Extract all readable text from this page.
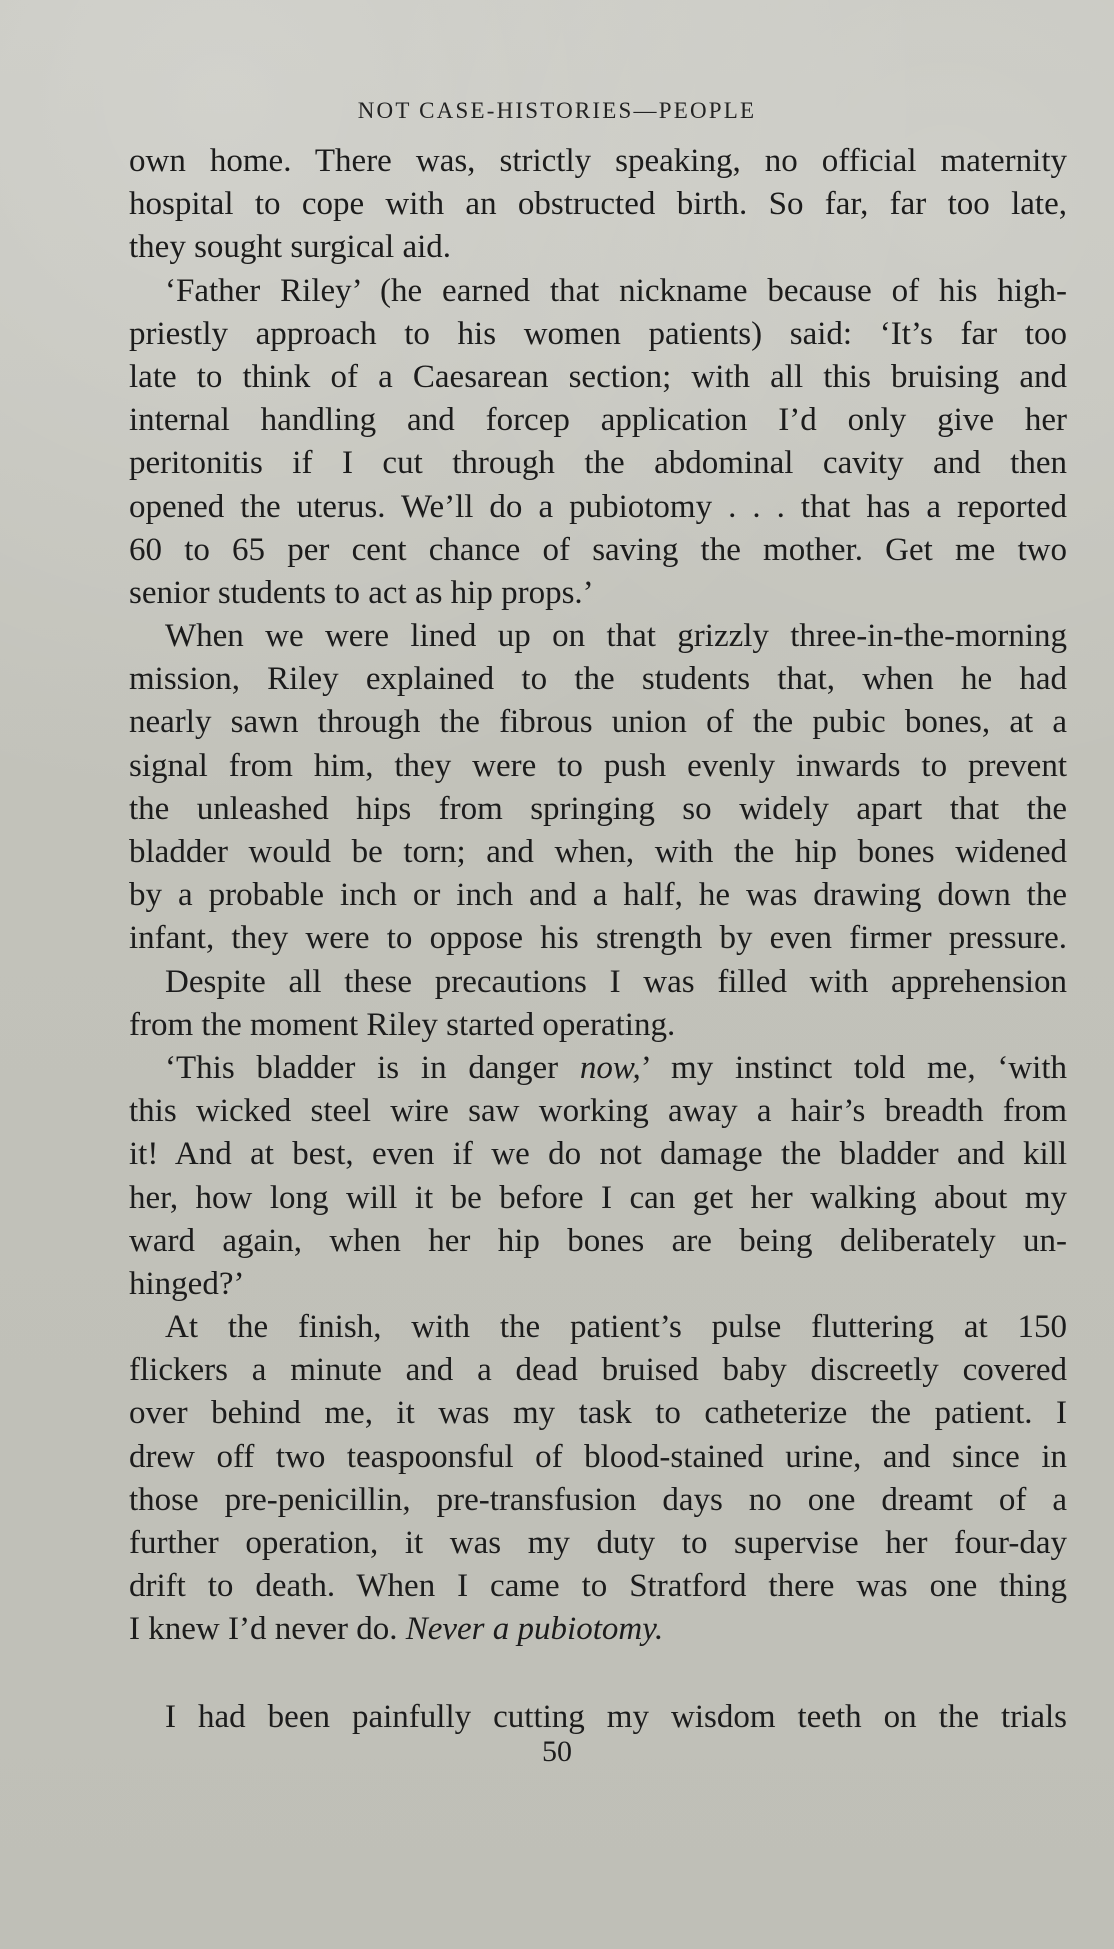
NOT CASE-HISTORIES—PEOPLE
own home. There was, strictly speaking, no official maternity
hospital to cope with an obstructed birth. So far, far too late,
they sought surgical aid.
‘Father Riley’ (he earned that nickname because of his high-
priestly approach to his women patients) said: ‘It’s far too
late to think of a Caesarean section; with all this bruising and
internal handling and forcep application I’d only give her
peritonitis if I cut through the abdominal cavity and then
opened the uterus. We’ll do a pubiotomy . . . that has a reported
60 to 65 per cent chance of saving the mother. Get me two
senior students to act as hip props.’
When we were lined up on that grizzly three-in-the-morning
mission, Riley explained to the students that, when he had
nearly sawn through the fibrous union of the pubic bones, at a
signal from him, they were to push evenly inwards to prevent
the unleashed hips from springing so widely apart that the
bladder would be torn; and when, with the hip bones widened
by a probable inch or inch and a half, he was drawing down the
infant, they were to oppose his strength by even firmer pressure.
Despite all these precautions I was filled with apprehension
from the moment Riley started operating.
‘This bladder is in danger now,’ my instinct told me, ‘with
this wicked steel wire saw working away a hair’s breadth from
it! And at best, even if we do not damage the bladder and kill
her, how long will it be before I can get her walking about my
ward again, when her hip bones are being deliberately un-
hinged?’
At the finish, with the patient’s pulse fluttering at 150
flickers a minute and a dead bruised baby discreetly covered
over behind me, it was my task to catheterize the patient. I
drew off two teaspoonsful of blood-stained urine, and since in
those pre-penicillin, pre-transfusion days no one dreamt of a
further operation, it was my duty to supervise her four-day
drift to death. When I came to Stratford there was one thing
I knew I’d never do. Never a pubiotomy.
I had been painfully cutting my wisdom teeth on the trials
50
